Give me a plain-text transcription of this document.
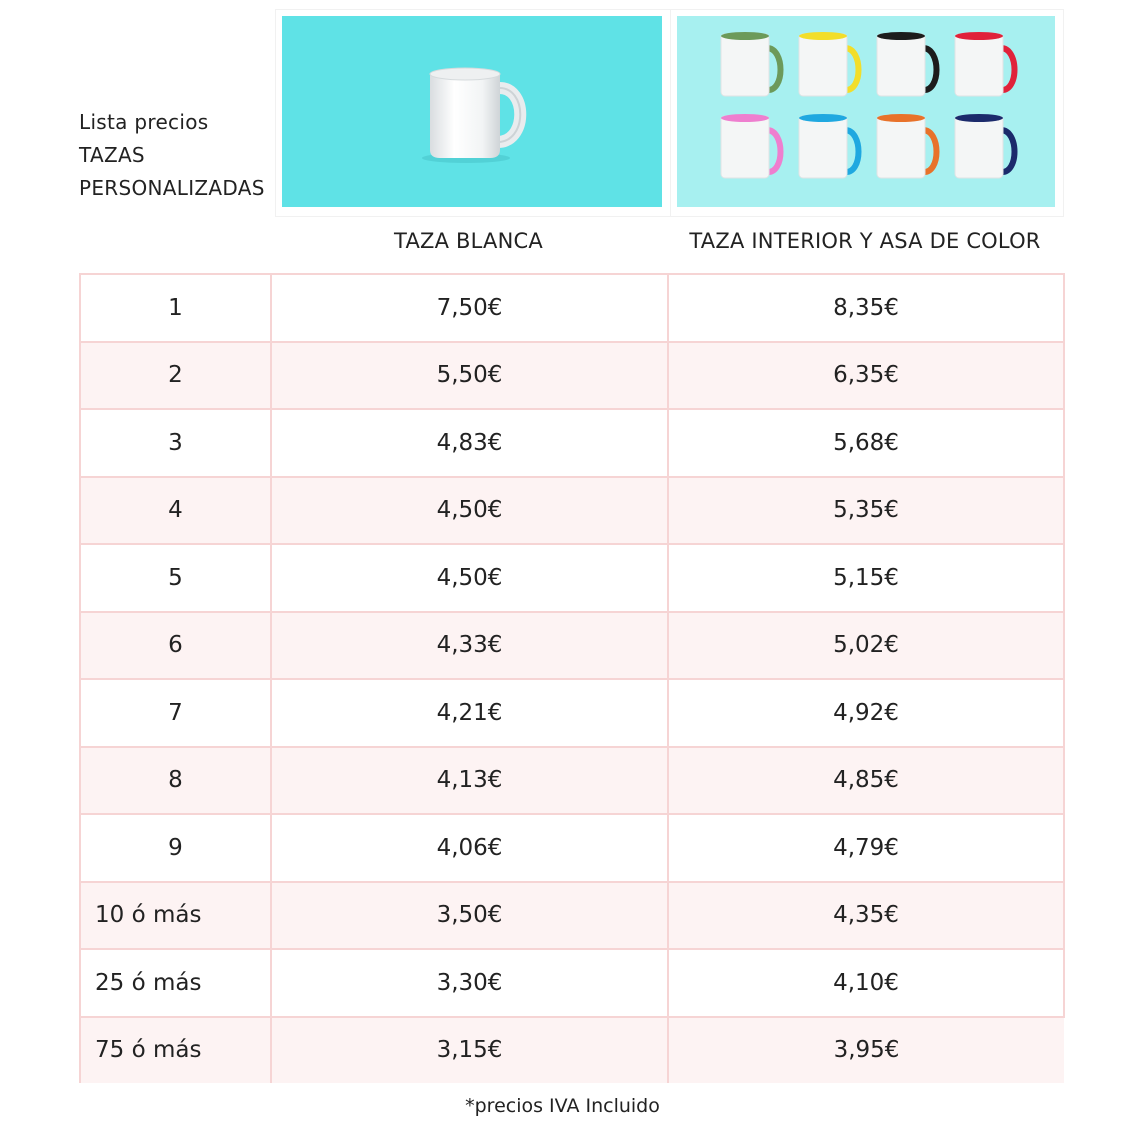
Lista precios
TAZAS
PERSONALIZADAS
TAZA BLANCA	TAZA INTERIOR Y ASA DE COLOR
1	7,50€	8,35€
2	5,50€	6,35€
3	4,83€	5,68€
4	4,50€	5,35€
5	4,50€	5,15€
6	4,33€	5,02€
7	4,21€	4,92€
8	4,13€	4,85€
9	4,06€	4,79€
10 ó más	3,50€	4,35€
25 ó más	3,30€	4,10€
75 ó más	3,15€	3,95€
*precios IVA Incluido
